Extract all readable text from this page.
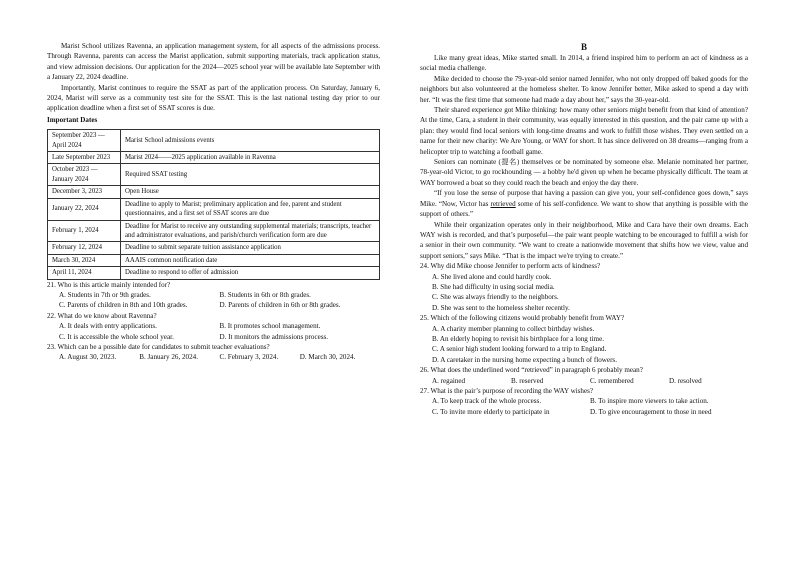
Marist School utilizes Ravenna, an application management system, for all aspects of the admissions process. Through Ravenna, parents can access the Marist application, submit supporting materials, track application status, and view admission decisions. Our application for the 2024—2025 school year will be available late September with a January 22, 2024 deadline.

Importantly, Marist continues to require the SSAT as part of the application process. On Saturday, January 6, 2024, Marist will serve as a community test site for the SSAT. This is the last national testing day prior to our application deadline when a first set of SSAT scores is due.

Important Dates
September 2023 —April 2024	Marist School admissions events
Late September 2023	Marist 2024——2025 application available in Ravenna
October 2023 —January 2024	Required SSAT testing
December 3, 2023	Open House
January 22, 2024	Deadline to apply to Marist; preliminary application and fee, parent and student questionnaires, and a first set of SSAT scores are due
February 1, 2024	Deadline for Marist to receive any outstanding supplemental materials; transcripts, teacher and administrator evaluations, and parish/church verification form are due
February 12, 2024	Deadline to submit separate tuition assistance application
March 30, 2024	AAAIS common notification date
April 11, 2024	Deadline to respond to offer of admission
21. Who is this article mainly intended for?
A. Students in 7th or 9th grades.	B. Students in 6th or 8th grades.
C. Parents of children in 8th and 10th grades.	D. Parents of children in 6th or 8th grades.
22. What do we know about Ravenna?
A. It deals with entry applications.	B. It promotes school management.
C. It is accessible the whole school year.	D. It monitors the admissions process.
23. Which can be a possible date for candidates to submit teacher evaluations?
A. August 30, 2023.	B. January 26, 2024.	C. February 3, 2024.	D. March 30, 2024.

B

Like many great ideas, Mike started small. In 2014, a friend inspired him to perform an act of kindness as a social media challenge.

Mike decided to choose the 79-year-old senior named Jennifer, who not only dropped off baked goods for the neighbors but also volunteered at the homeless shelter. To know Jennifer better, Mike asked to spend a day with her. “It was the first time that someone had made a day about her,” says the 30-year-old.

Their shared experience got Mike thinking: how many other seniors might benefit from that kind of attention? At the time, Cara, a student in their community, was equally interested in this question, and the pair came up with a plan: they would find local seniors with long-time dreams and work to fulfill those wishes. They even settled on a name for their new charity: We Are Young, or WAY for short. It has since delivered on 38 dreams—ranging from a helicopter trip to watching a football game.

Seniors can nominate (提名) themselves or be nominated by someone else. Melanie nominated her partner, 78-year-old Victor, to go rockhounding — a hobby he'd given up when he became physically difficult. The team at WAY borrowed a boat so they could reach the beach and enjoy the day there.

“If you lose the sense of purpose that having a passion can give you, your self-confidence goes down,” says Mike. “Now, Victor has retrieved some of his self-confidence. We want to show that anything is possible with the support of others.”

While their organization operates only in their neighborhood, Mike and Cara have their own dreams. Each WAY wish is recorded, and that’s purposeful—the pair want people watching to be encouraged to fulfill a wish for a senior in their own community. “We want to create a nationwide movement that shifts how we view, value and support seniors,” says Mike. “That is the impact we're trying to create.”

24. Why did Mike choose Jennifer to perform acts of kindness?
A. She lived alone and could hardly cook.
B. She had difficulty in using social media.
C. She was always friendly to the neighbors.
D. She was sent to the homeless shelter recently.
25. Which of the following citizens would probably benefit from WAY?
A. A charity member planning to collect birthday wishes.
B. An elderly hoping to revisit his birthplace for a long time.
C. A senior high student looking forward to a trip to England.
D. A caretaker in the nursing home expecting a bunch of flowers.
26. What does the underlined word “retrieved” in paragraph 6 probably mean?
A. regained	B. reserved	C. remembered	D. resolved
27. What is the pair’s purpose of recording the WAY wishes?
A. To keep track of the whole process.	B. To inspire more viewers to take action.
C. To invite more elderly to participate in	D. To give encouragement to those in need
